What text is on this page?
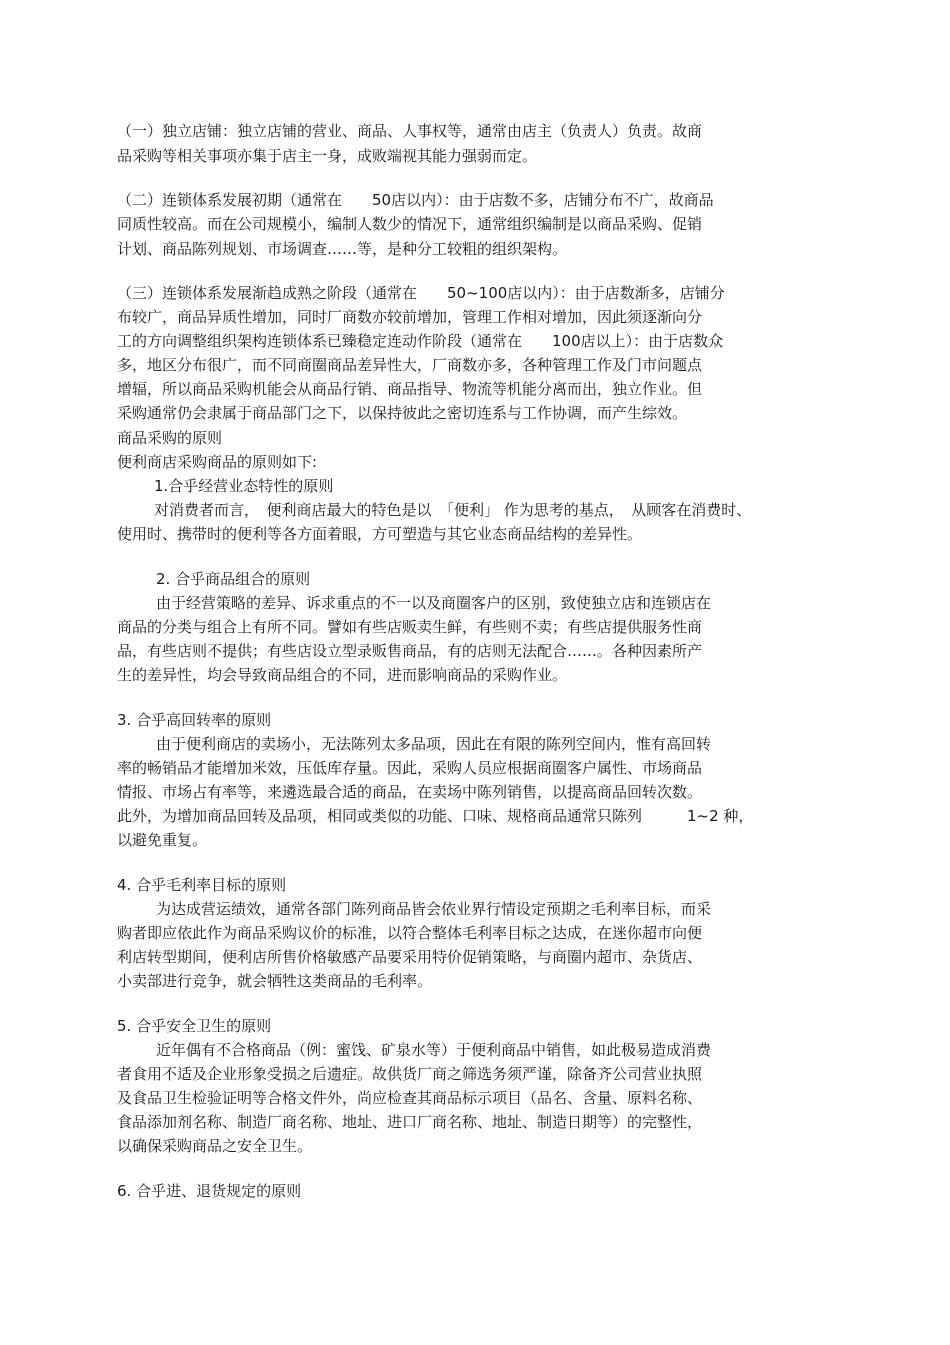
（一）独立店铺：独立店铺的营业、商品、人事权等，通常由店主（负责人）负责。故商

品采购等相关事项亦集于店主一身，成败端视其能力强弱而定。

（二）连锁体系发展初期（通常在　　50店以内）：由于店数不多，店铺分布不广，故商品

同质性较高。而在公司规模小，编制人数少的情况下，通常组织编制是以商品采购、促销

计划、商品陈列规划、市场调查……等，是种分工较粗的组织架构。

（三）连锁体系发展渐趋成熟之阶段（通常在　　50~100店以内）：由于店数渐多，店铺分

布较广，商品异质性增加，同时厂商数亦较前增加，管理工作相对增加，因此须逐渐向分

工的方向调整组织架构连锁体系已臻稳定连动作阶段（通常在　　100店以上）：由于店数众

多，地区分布很广，而不同商圈商品差异性大，厂商数亦多，各种管理工作及门市问题点

增辐，所以商品采购机能会从商品行销、商品指导、物流等机能分离而出，独立作业。但

采购通常仍会隶属于商品部门之下，以保持彼此之密切连系与工作协调，而产生综效。

商品采购的原则

便利商店采购商品的原则如下:

1.合乎经营业态特性的原则

对消费者而言，　便利商店最大的特色是以　「便利」 作为思考的基点，　从顾客在消费时、

使用时、携带时的便利等各方面着眼，方可塑造与其它业态商品结构的差异性。

2. 合乎商品组合的原则

由于经营策略的差异、诉求重点的不一以及商圈客户的区别，致使独立店和连锁店在

商品的分类与组合上有所不同。譬如有些店贩卖生鲜，有些则不卖；有些店提供服务性商

品，有些店则不提供；有些店设立型录贩售商品，有的店则无法配合……。各种因素所产

生的差异性，均会导致商品组合的不同，进而影响商品的采购作业。

3. 合乎高回转率的原则

由于便利商店的卖场小，无法陈列太多品项，因此在有限的陈列空间内，惟有高回转

率的畅销品才能增加米效，压低库存量。因此，采购人员应根据商圈客户属性、市场商品

情报、市场占有率等，来遴选最合适的商品，在卖场中陈列销售，以提高商品回转次数。

此外，为增加商品回转及品项，相同或类似的功能、口味、规格商品通常只陈列　　　1~2 种，

以避免重复。

4. 合乎毛利率目标的原则

为达成营运绩效，通常各部门陈列商品皆会依业界行情设定预期之毛利率目标，而采

购者即应依此作为商品采购议价的标准，以符合整体毛利率目标之达成，在迷你超市向便

利店转型期间，便利店所售价格敏感产品要采用特价促销策略，与商圈内超市、杂货店、

小卖部进行竞争，就会牺牲这类商品的毛利率。

5. 合乎安全卫生的原则

近年偶有不合格商品（例：蜜饯、矿泉水等）于便利商品中销售，如此极易造成消费

者食用不适及企业形象受损之后遗症。故供货厂商之筛选务须严谨，除备齐公司营业执照

及食品卫生检验证明等合格文件外，尚应检查其商品标示项目（品名、含量、原料名称、

食品添加剂名称、制造厂商名称、地址、进口厂商名称、地址、制造日期等）的完整性，

以确保采购商品之安全卫生。

6. 合乎进、退货规定的原则
